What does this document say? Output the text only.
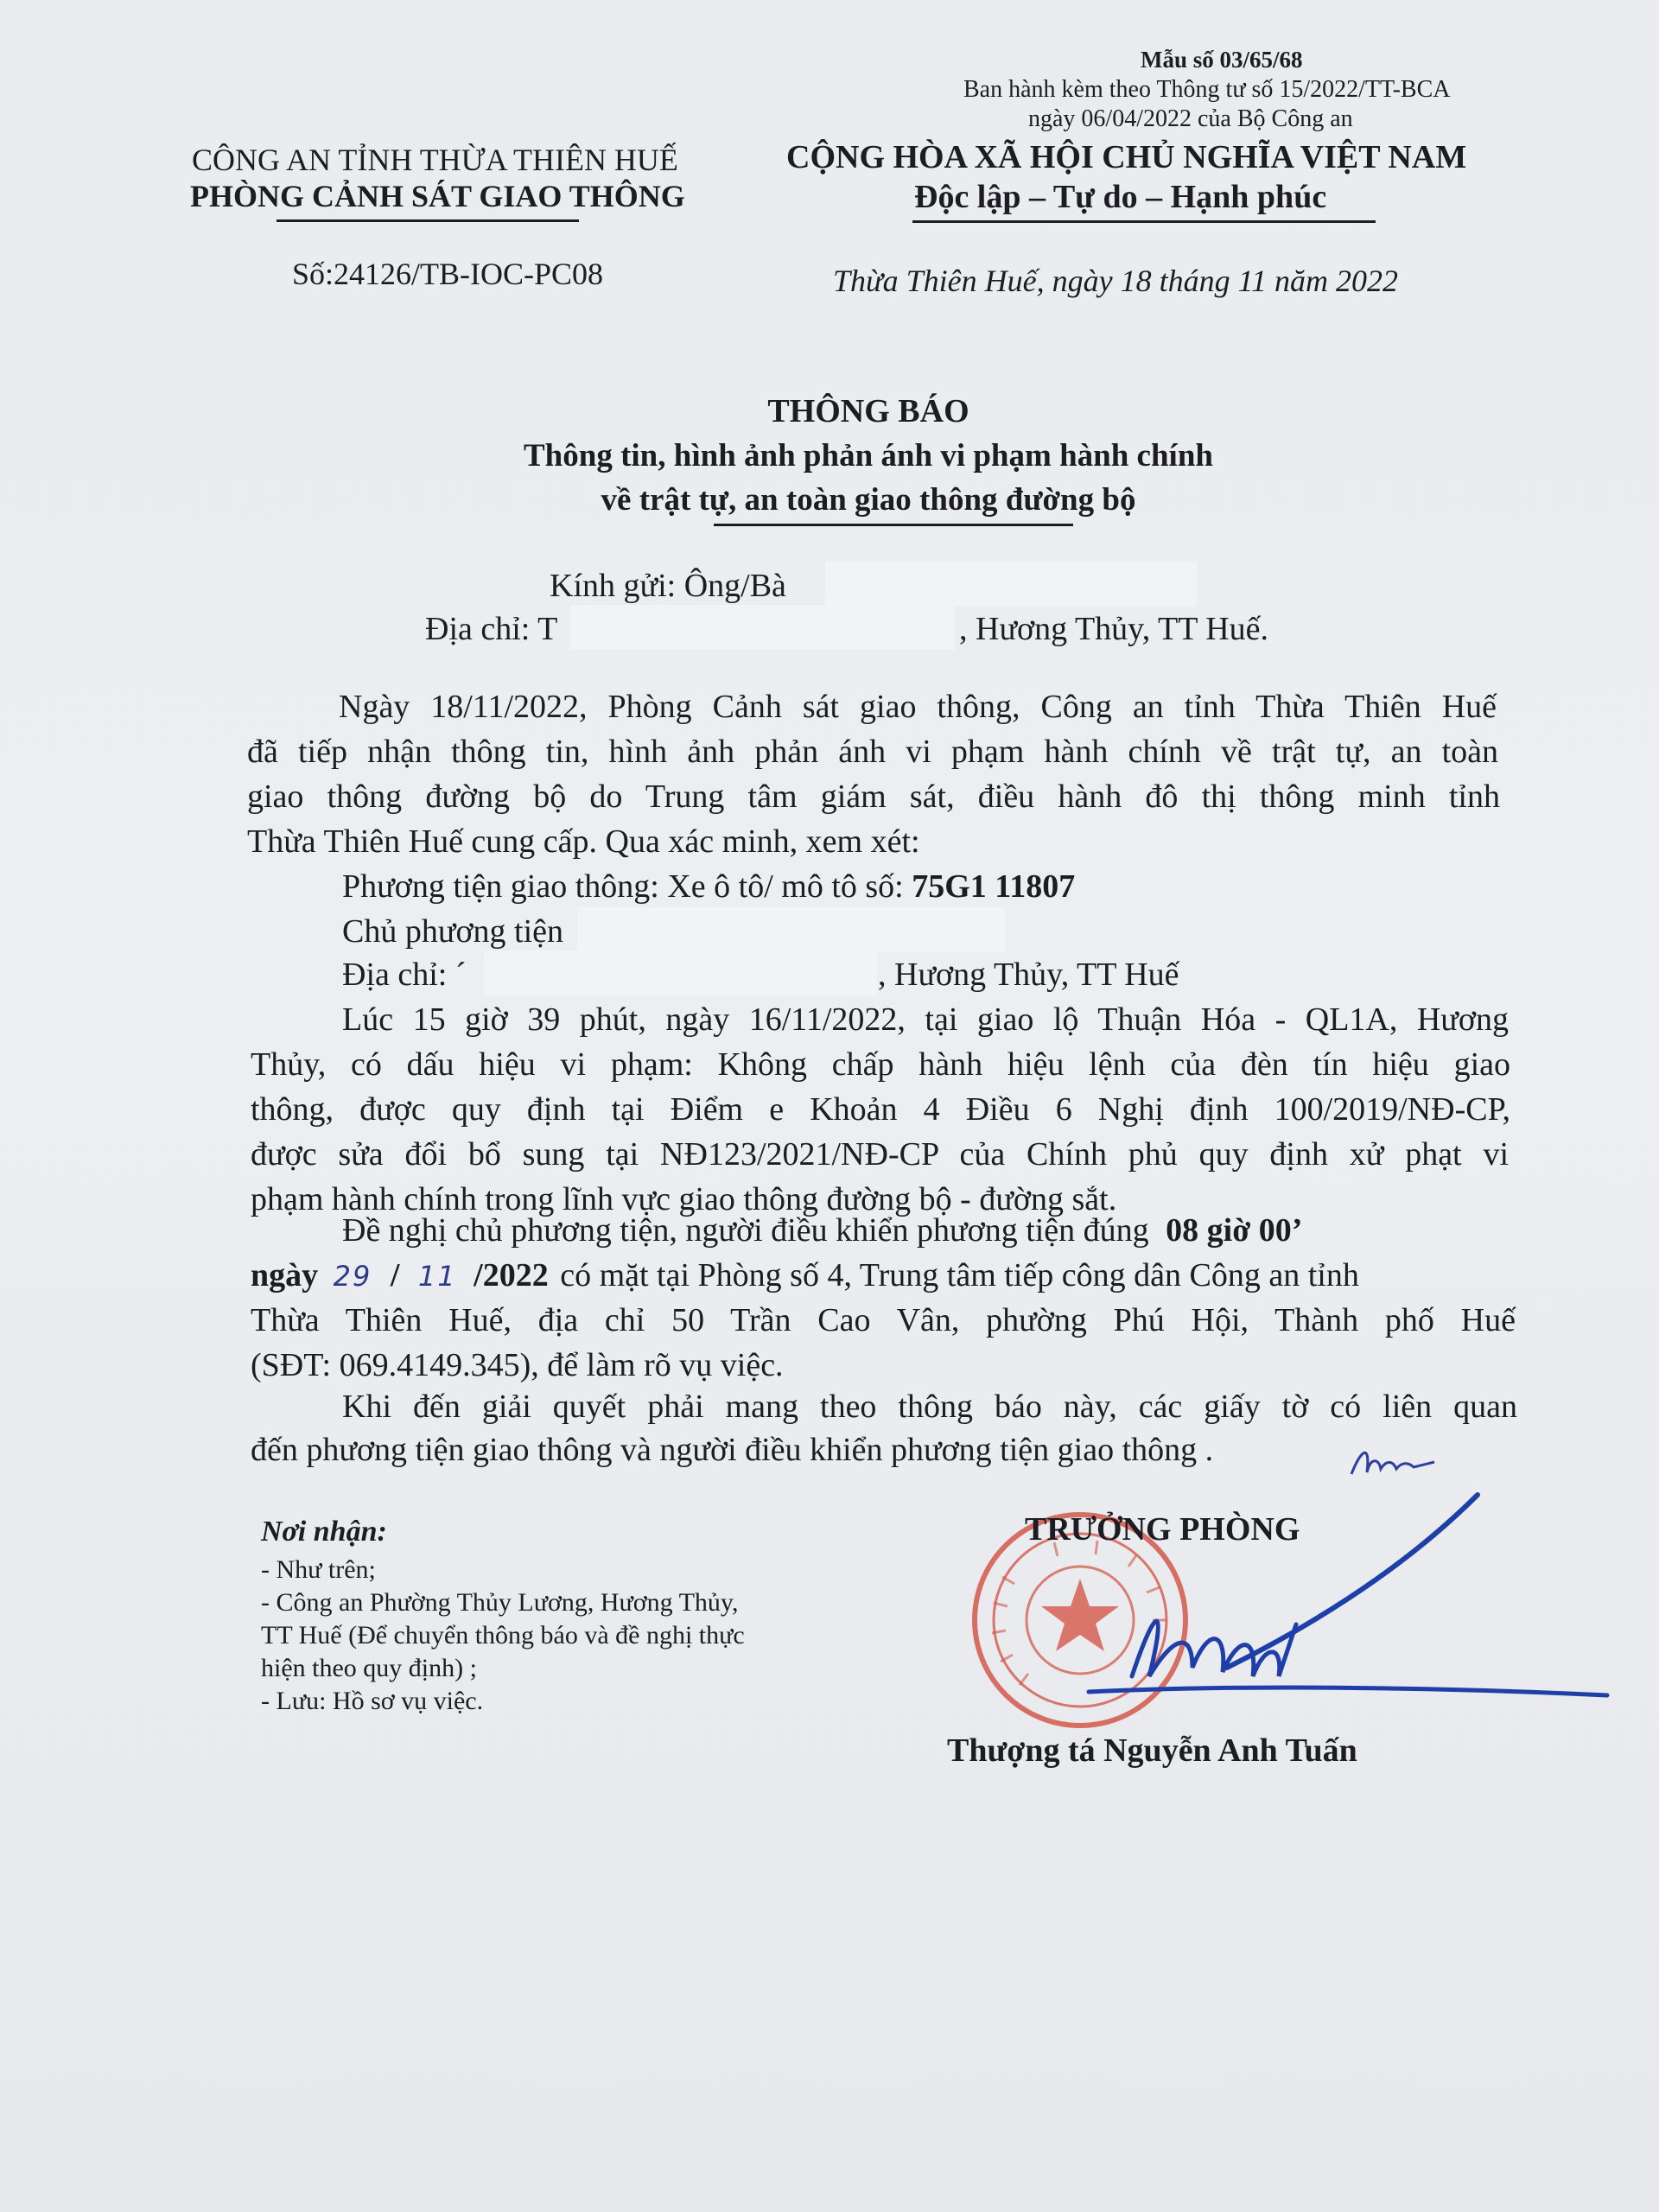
Mẫu số 03/65/68
Ban hành kèm theo Thông tư số 15/2022/TT-BCA
ngày 06/04/2022 của Bộ Công an
CÔNG AN TỈNH THỪA THIÊN HUẾ
PHÒNG CẢNH SÁT GIAO THÔNG
Số:24126/TB-IOC-PC08
CỘNG HÒA XÃ HỘI CHỦ NGHĨA VIỆT NAM
Độc lập – Tự do – Hạnh phúc
Thừa Thiên Huế, ngày 18 tháng 11 năm 2022
THÔNG BÁO
Thông tin, hình ảnh phản ánh vi phạm hành chính
về trật tự, an toàn giao thông đường bộ
Kính gửi: Ông/Bà
Địa chỉ: T	, Hương Thủy, TT Huế.
Ngày 18/11/2022, Phòng Cảnh sát giao thông, Công an tỉnh Thừa Thiên Huế
đã tiếp nhận thông tin, hình ảnh phản ánh vi phạm hành chính về trật tự, an toàn
giao thông đường bộ do Trung tâm giám sát, điều hành đô thị thông minh tỉnh
Thừa Thiên Huế cung cấp. Qua xác minh, xem xét:
Phương tiện giao thông: Xe ô tô/ mô tô số: 75G1 11807
Chủ phương tiện
Địa chỉ: ´	, Hương Thủy, TT Huế
Lúc 15 giờ 39 phút, ngày 16/11/2022, tại giao lộ Thuận Hóa - QL1A, Hương
Thủy, có dấu hiệu vi phạm: Không chấp hành hiệu lệnh của đèn tín hiệu giao
thông, được quy định tại Điểm e Khoản 4 Điều 6 Nghị định 100/2019/NĐ-CP,
được sửa đổi bổ sung tại NĐ123/2021/NĐ-CP của Chính phủ quy định xử phạt vi
phạm hành chính trong lĩnh vực giao thông đường bộ - đường sắt.
Đề nghị chủ phương tiện, người điều khiển phương tiện đúng 08 giờ 00’
ngày 29 / 11 /2022 có mặt tại Phòng số 4, Trung tâm tiếp công dân Công an tỉnh
Thừa Thiên Huế, địa chỉ 50 Trần Cao Vân, phường Phú Hội, Thành phố Huế
(SĐT: 069.4149.345), để làm rõ vụ việc.
Khi đến giải quyết phải mang theo thông báo này, các giấy tờ có liên quan
đến phương tiện giao thông và người điều khiển phương tiện giao thông .
Nơi nhận:
- Như trên;
- Công an Phường Thủy Lương, Hương Thủy,
TT Huế (Để chuyển thông báo và đề nghị thực
hiện theo quy định) ;
- Lưu: Hồ sơ vụ việc.
TRƯỞNG PHÒNG
Thượng tá Nguyễn Anh Tuấn
